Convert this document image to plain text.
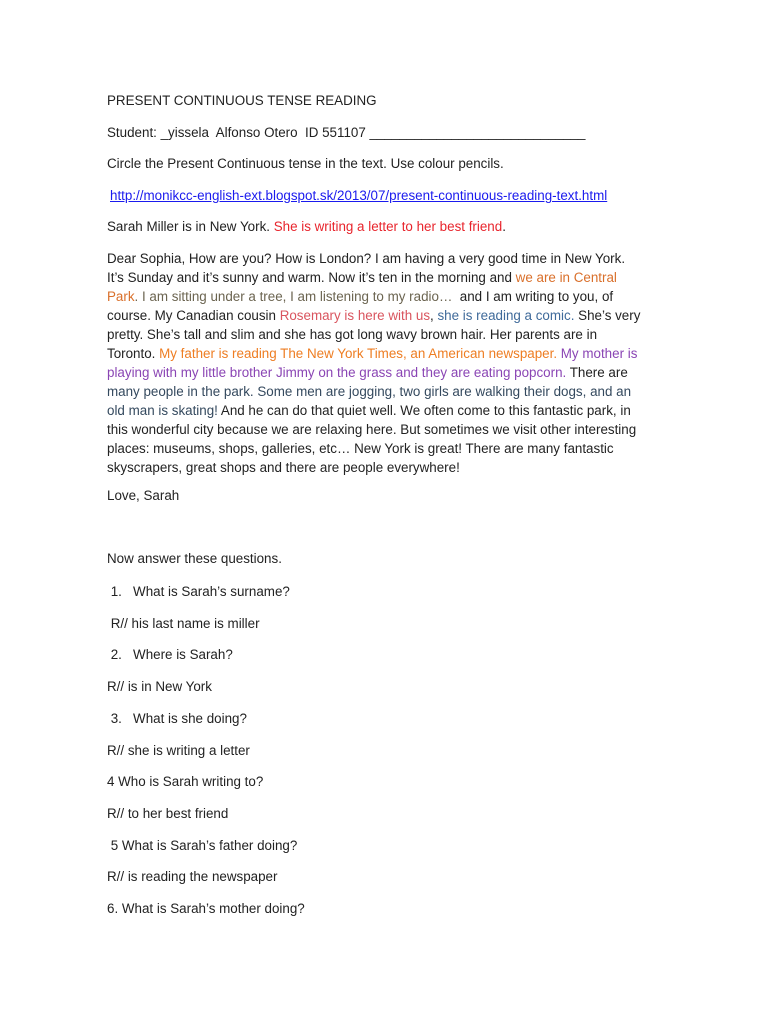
PRESENT CONTINUOUS TENSE READING
Student: _yissela  Alfonso Otero  ID 551107 _____________________________
Circle the Present Continuous tense in the text. Use colour pencils.
http://monikcc-english-ext.blogspot.sk/2013/07/present-continuous-reading-text.html
Sarah Miller is in New York. She is writing a letter to her best friend.
Dear Sophia, How are you? How is London? I am having a very good time in New York.
It’s Sunday and it’s sunny and warm. Now it’s ten in the morning and we are in Central
Park. I am sitting under a tree, I am listening to my radio…  and I am writing to you, of
course. My Canadian cousin Rosemary is here with us, she is reading a comic. She’s very
pretty. She’s tall and slim and she has got long wavy brown hair. Her parents are in
Toronto. My father is reading The New York Times, an American newspaper. My mother is
playing with my little brother Jimmy on the grass and they are eating popcorn. There are
many people in the park. Some men are jogging, two girls are walking their dogs, and an
old man is skating! And he can do that quiet well. We often come to this fantastic park, in
this wonderful city because we are relaxing here. But sometimes we visit other interesting
places: museums, shops, galleries, etc… New York is great! There are many fantastic
skyscrapers, great shops and there are people everywhere!
Love, Sarah
Now answer these questions.
1.   What is Sarah’s surname?
R// his last name is miller
2.   Where is Sarah?
R// is in New York
3.   What is she doing?
R// she is writing a letter
4 Who is Sarah writing to?
R// to her best friend
5 What is Sarah’s father doing?
R// is reading the newspaper
6. What is Sarah’s mother doing?
